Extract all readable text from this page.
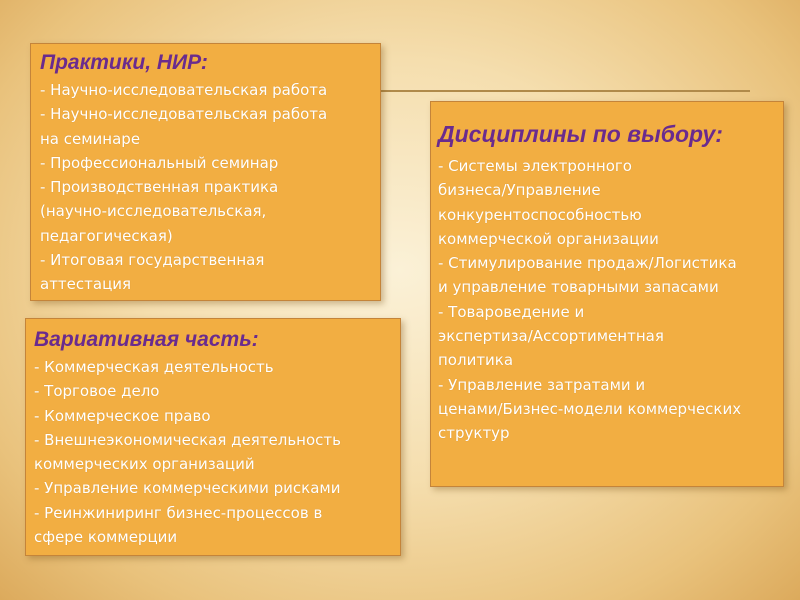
Практики, НИР:
- Научно-исследовательская работа
- Научно-исследовательская работа
на семинаре
- Профессиональный семинар
- Производственная практика
(научно-исследовательская,
педагогическая)
- Итоговая государственная
аттестация
Вариативная часть:
- Коммерческая деятельность
- Торговое дело
- Коммерческое право
- Внешнеэкономическая деятельность
коммерческих организаций
- Управление коммерческими рисками
- Реинжиниринг бизнес-процессов в
сфере коммерции
Дисциплины по выбору:
- Системы электронного
бизнеса/Управление
конкурентоспособностью
коммерческой организации
- Стимулирование продаж/Логистика
и управление товарными запасами
- Товароведение и
экспертиза/Ассортиментная
политика
- Управление затратами и
ценами/Бизнес-модели коммерческих
структур
